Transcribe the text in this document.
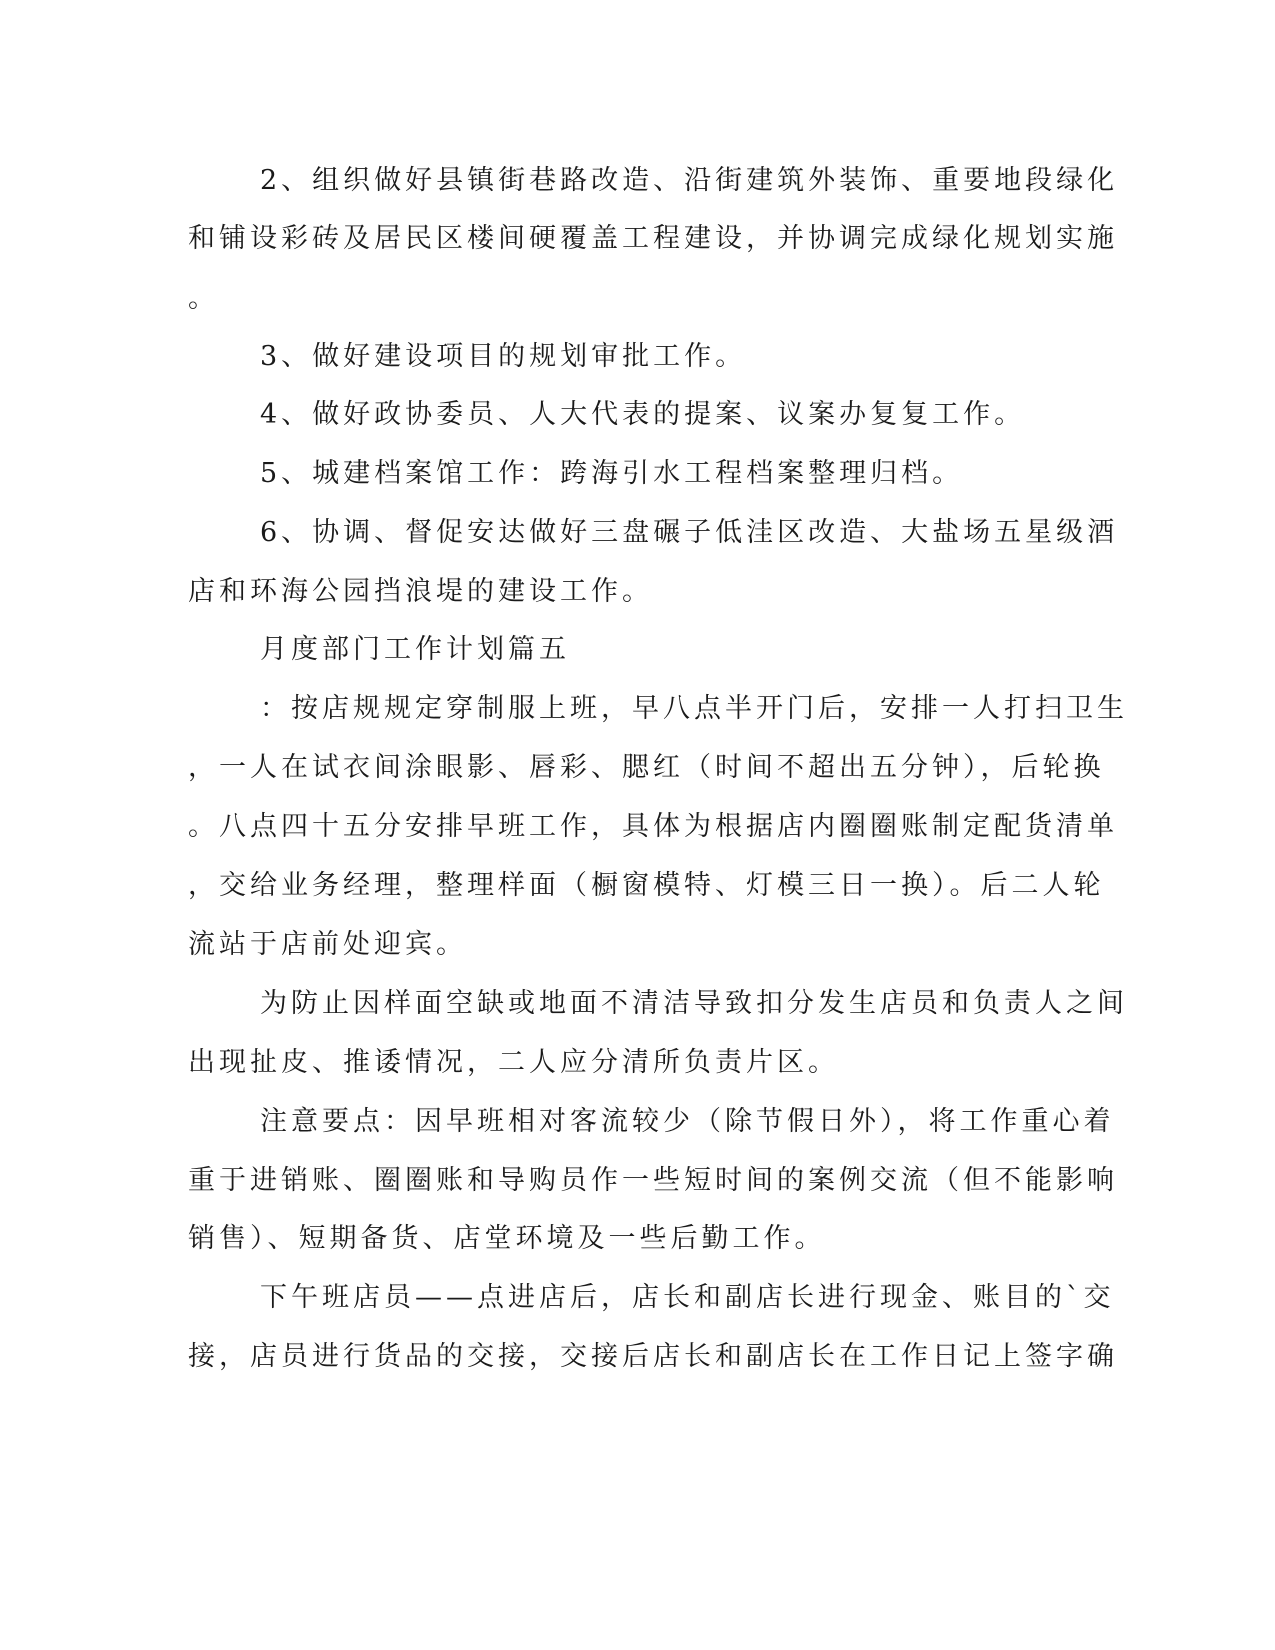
2、组织做好县镇街巷路改造、沿街建筑外装饰、重要地段绿化
和铺设彩砖及居民区楼间硬覆盖工程建设，并协调完成绿化规划实施
。
3、做好建设项目的规划审批工作。
4、做好政协委员、人大代表的提案、议案办复复工作。
5、城建档案馆工作：跨海引水工程档案整理归档。
6、协调、督促安达做好三盘碾子低洼区改造、大盐场五星级酒
店和环海公园挡浪堤的建设工作。
月度部门工作计划篇五
：按店规规定穿制服上班，早八点半开门后，安排一人打扫卫生
，一人在试衣间涂眼影、唇彩、腮红（时间不超出五分钟），后轮换
。八点四十五分安排早班工作，具体为根据店内圈圈账制定配货清单
，交给业务经理，整理样面（橱窗模特、灯模三日一换）。后二人轮
流站于店前处迎宾。
为防止因样面空缺或地面不清洁导致扣分发生店员和负责人之间
出现扯皮、推诿情况，二人应分清所负责片区。
注意要点：因早班相对客流较少（除节假日外），将工作重心着
重于进销账、圈圈账和导购员作一些短时间的案例交流（但不能影响
销售）、短期备货、店堂环境及一些后勤工作。
下午班店员——点进店后，店长和副店长进行现金、账目的`交
接，店员进行货品的交接，交接后店长和副店长在工作日记上签字确
